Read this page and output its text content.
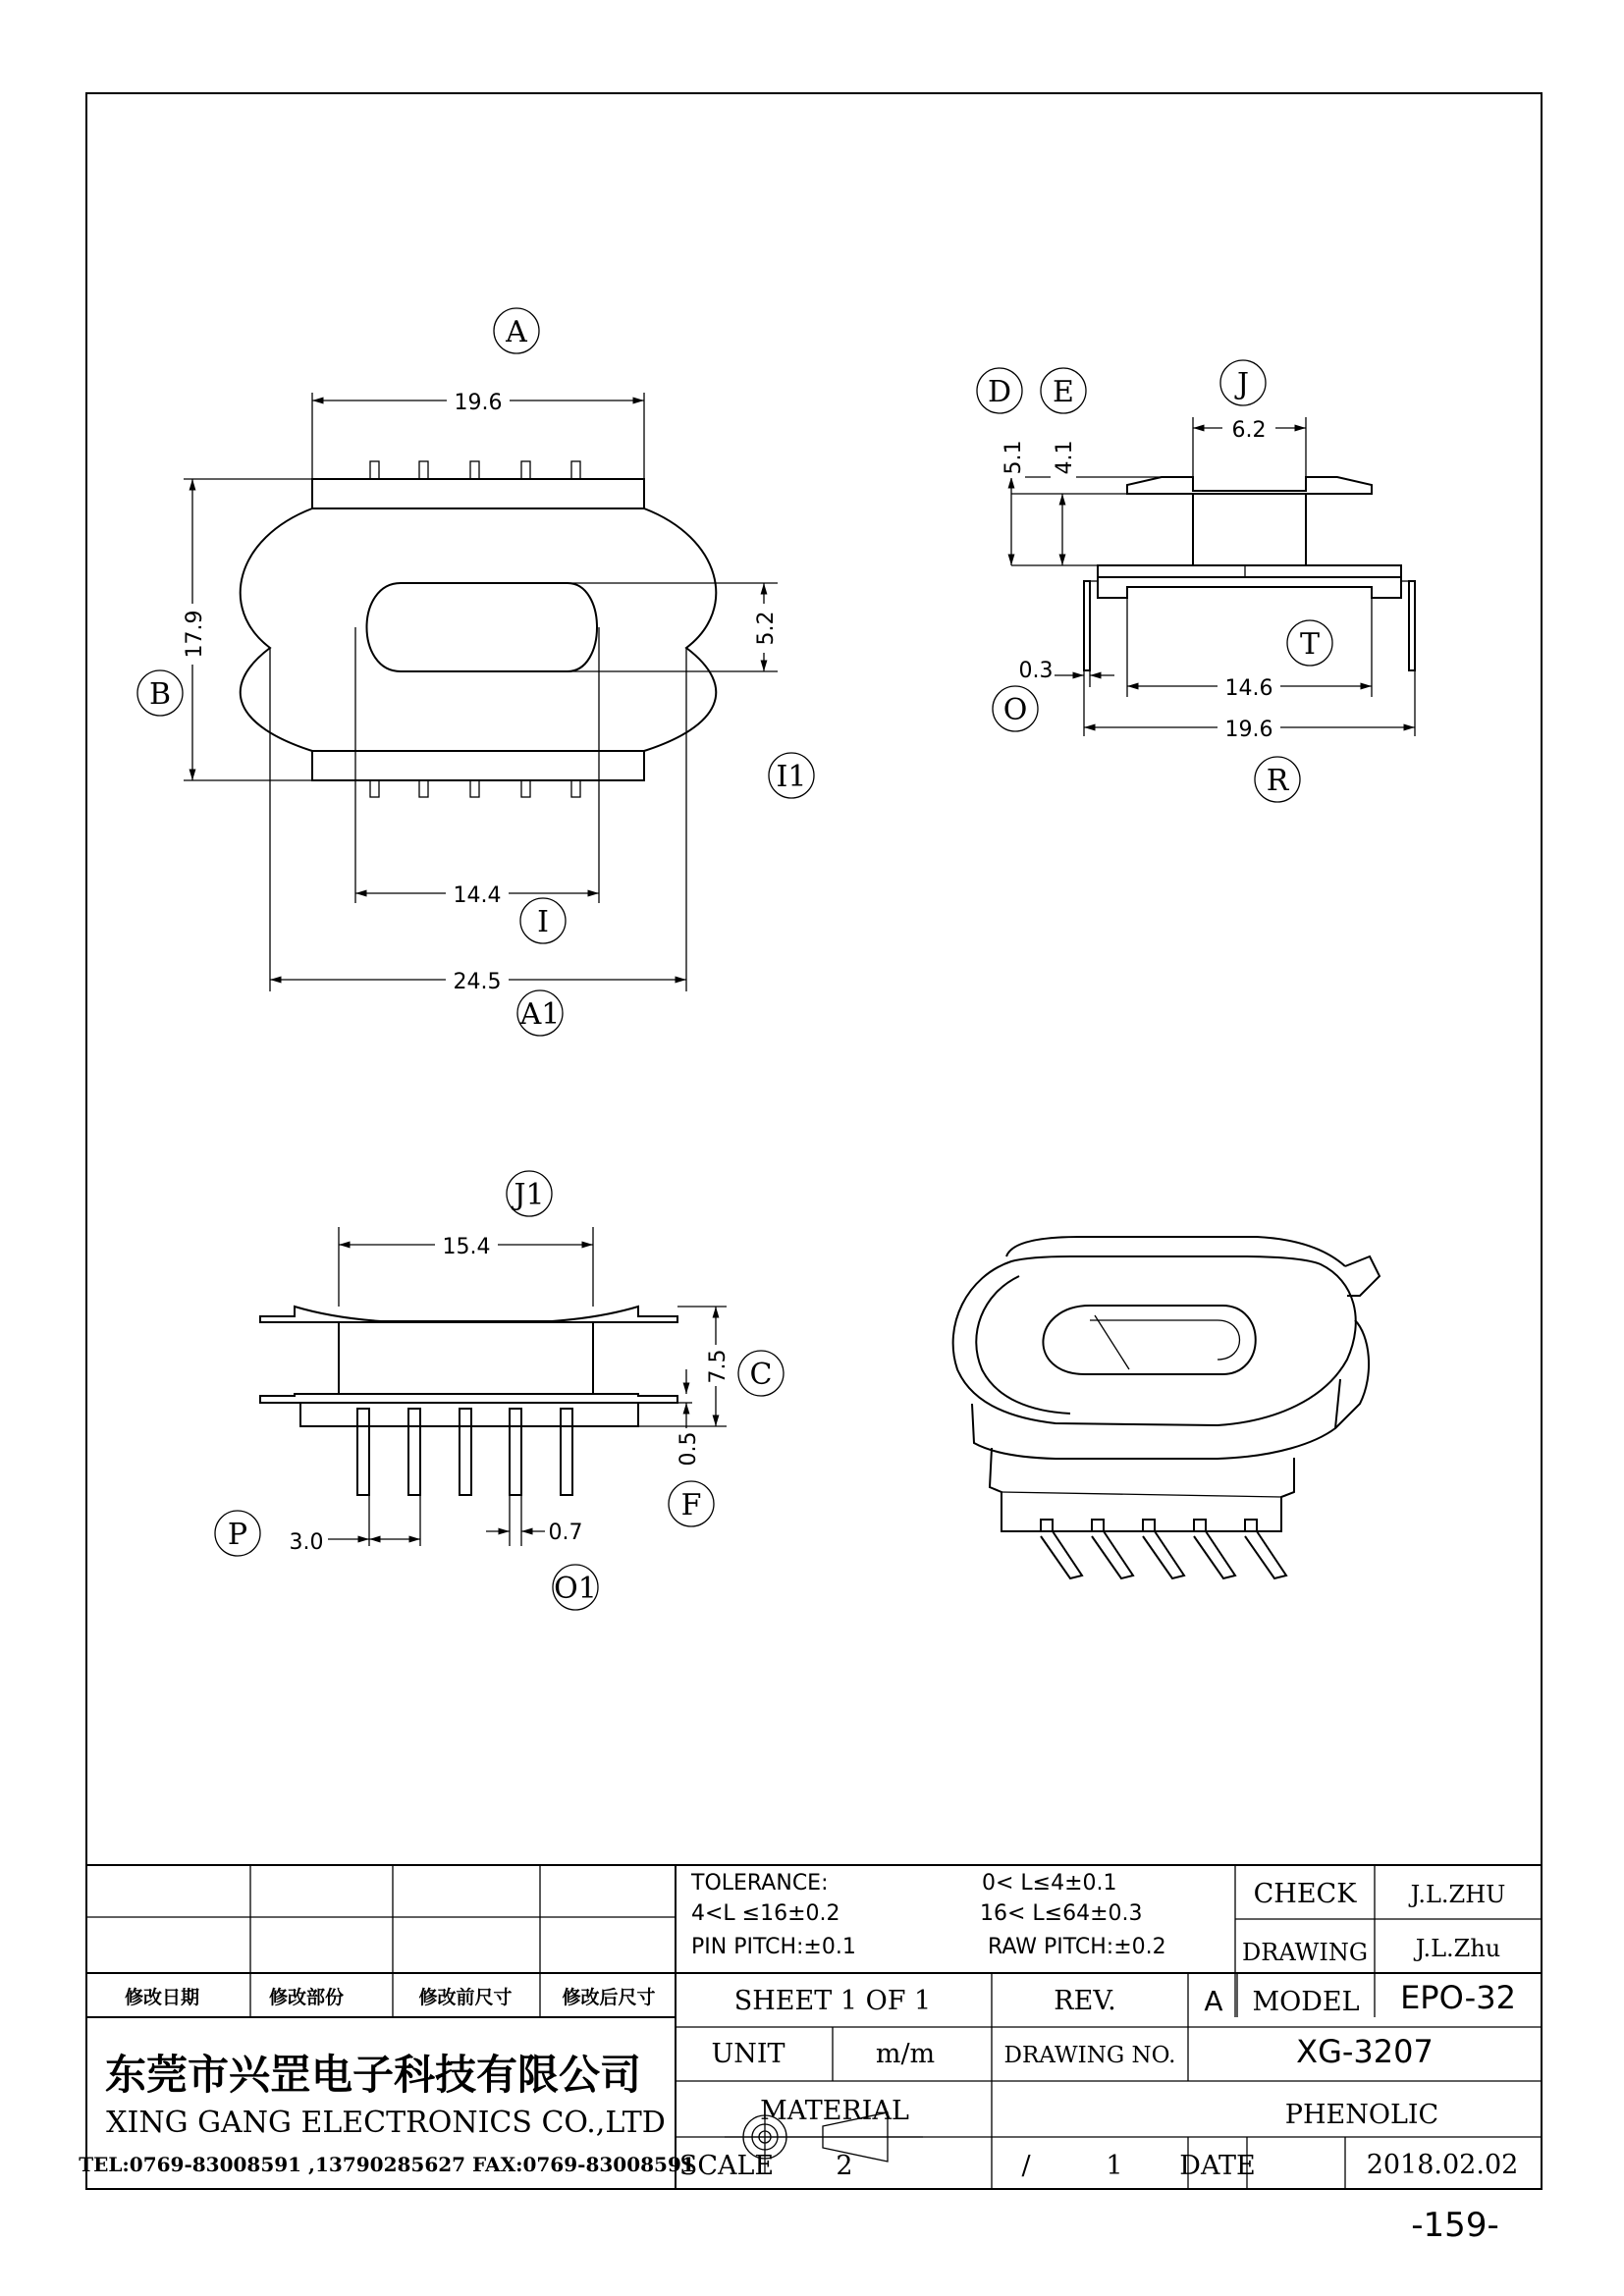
19.6
17.9	5.2
14.4
24.5
A
B
I
I1
A1
5.1 4.1
6.2
0.3
14.6
19.6
D E	J
T
O
R
15.4
7.5
0.5
3.0	0.7
J1
C
F
P
O1
修改日期	修改部份	修改前尺寸	修改后尺寸
TOLERANCE:	0< L≤4±0.1
4<L ≤16±0.2	16< L≤64±0.3
PIN PITCH:±0.1	RAW PITCH:±0.2
CHECK J.L.ZHU
DRAWING J.L.Zhu
SHEET 1 OF 1	REV.	A MODEL EPO-32
UNIT	m/m	DRAWING NO.	XG-3207
MATERIAL	PHENOLIC
SCALE 2	/	1 DATE	2018.02.02
东莞市兴罡电子科技有限公司
XING GANG ELECTRONICS CO.,LTD
TEL:0769-83008591 ,13790285627 FAX:0769-83008591
-159-
